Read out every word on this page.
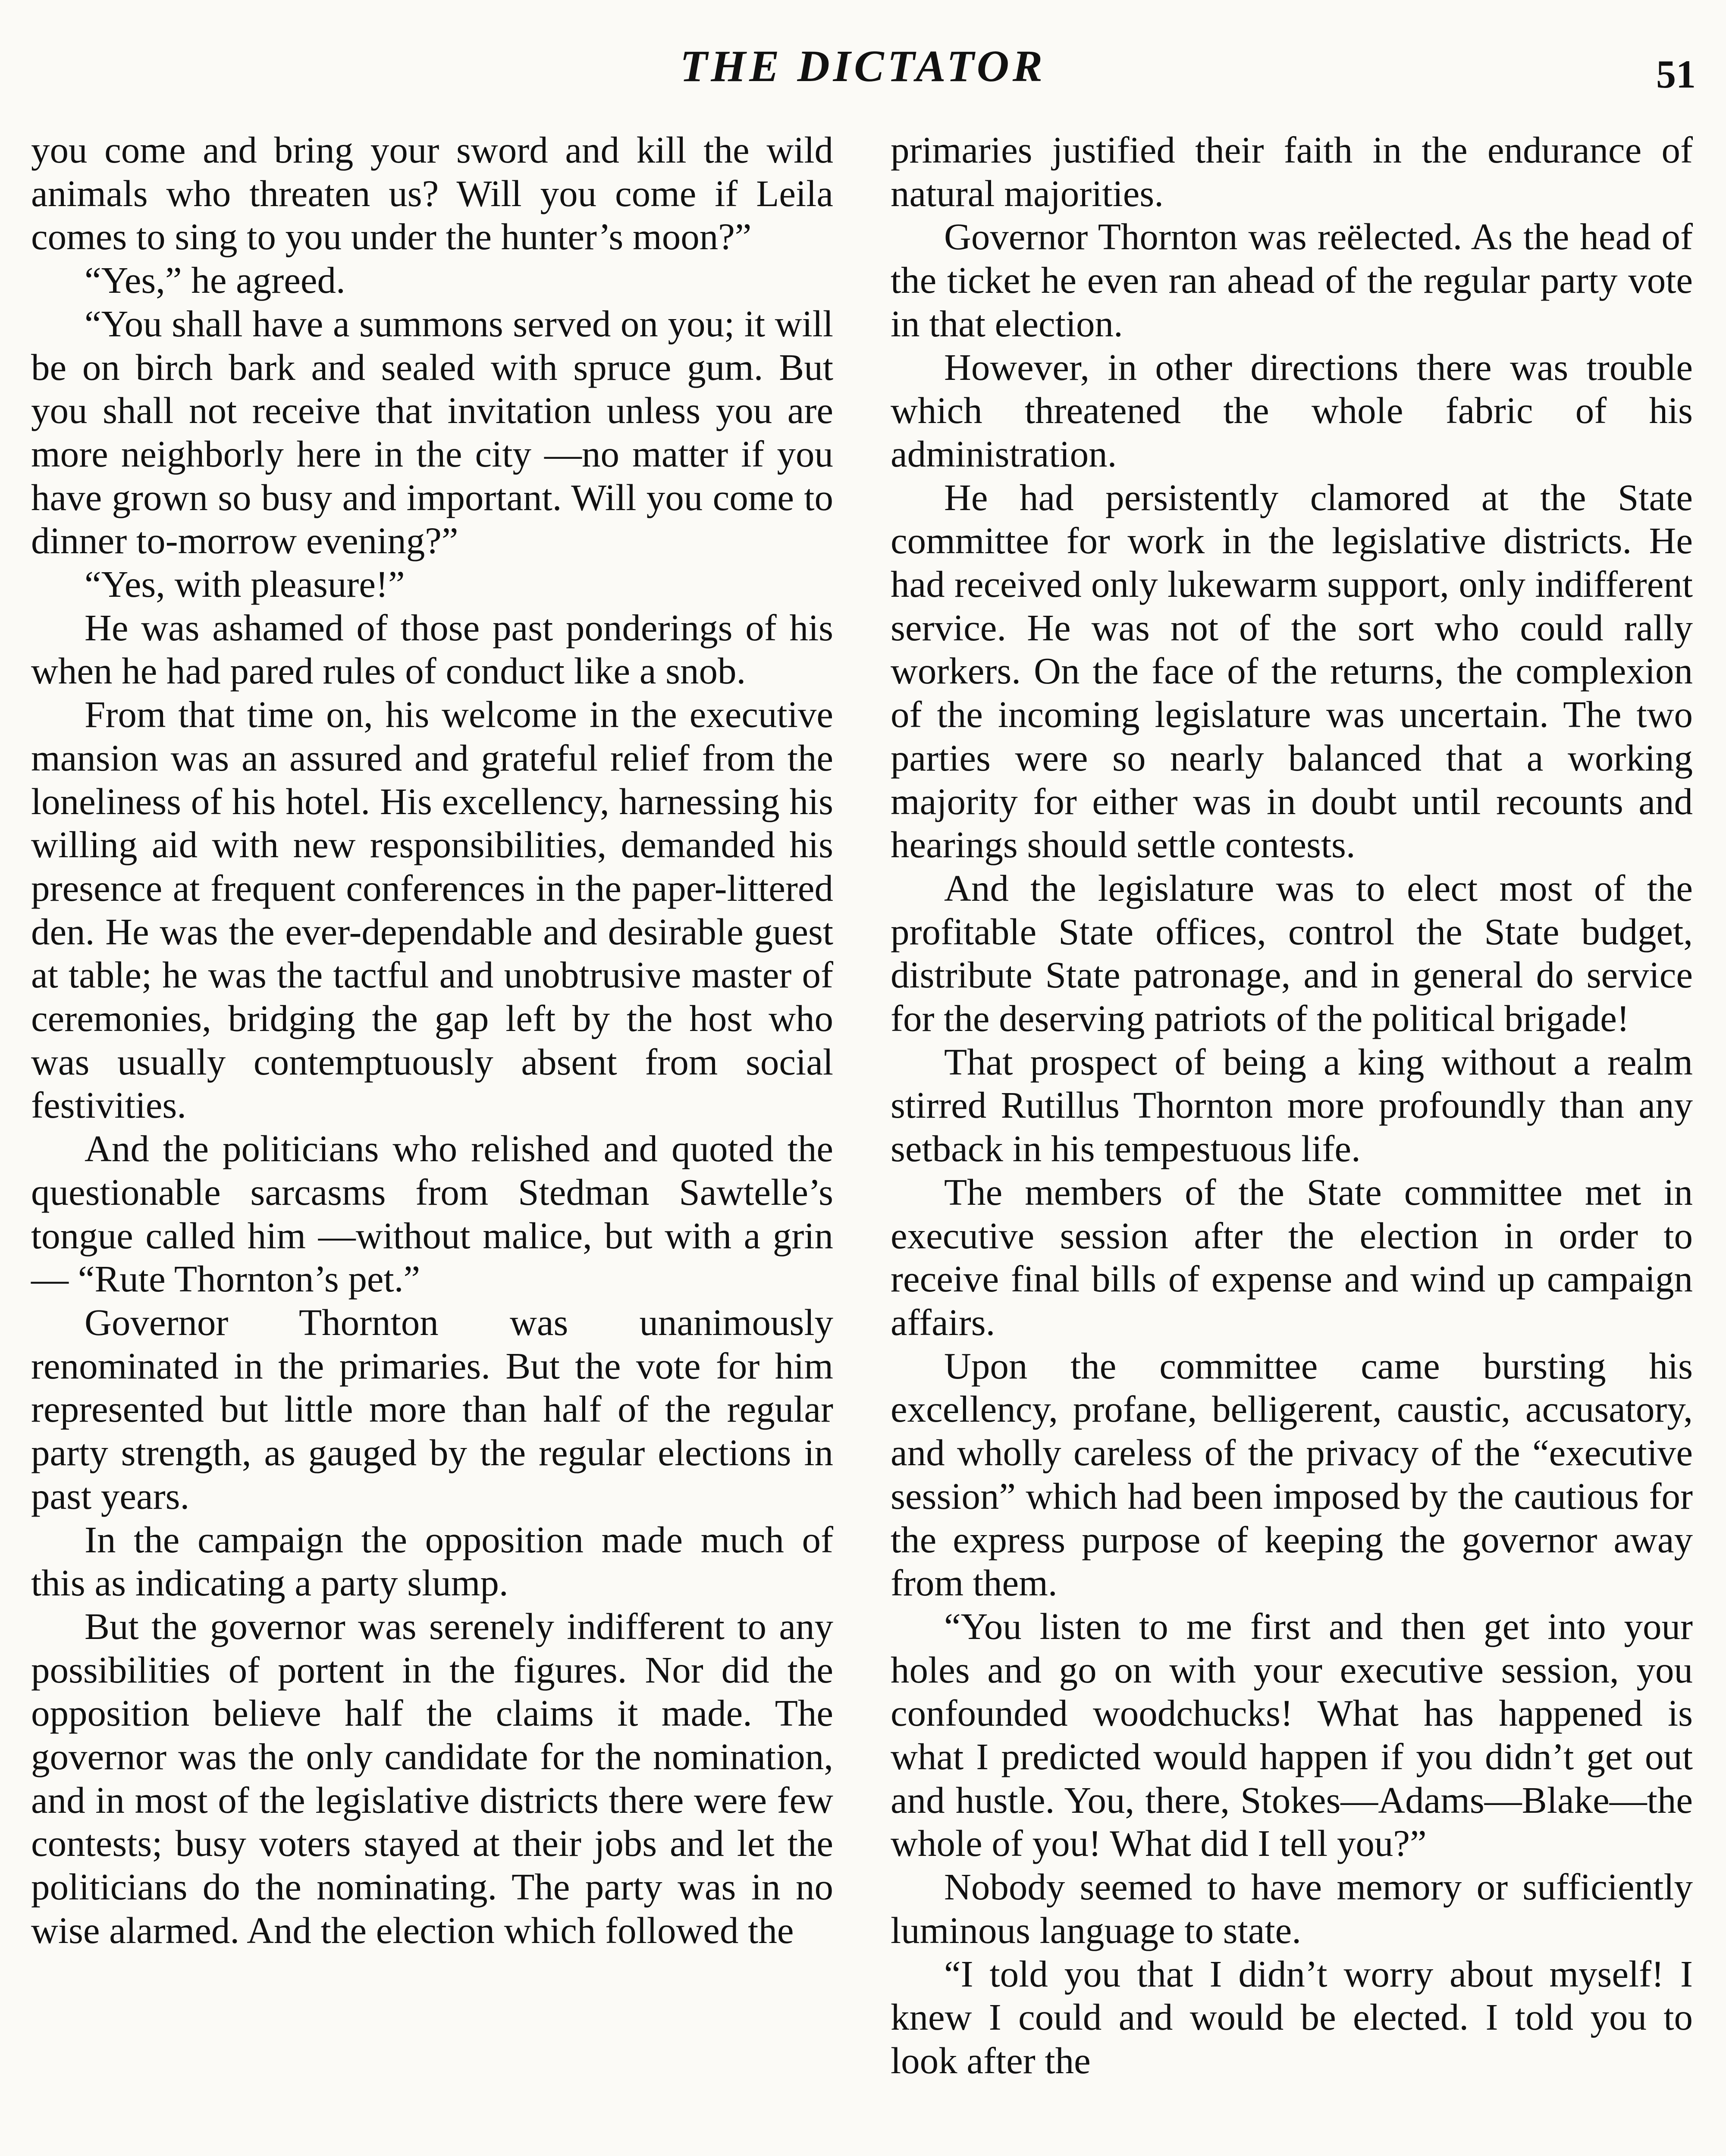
THE DICTATOR	51

you come and bring your sword and kill the wild animals who threaten us? Will you come if Leila comes to sing to you under the hunter’s moon?”

“Yes,” he agreed.

“You shall have a summons served on you; it will be on birch bark and sealed with spruce gum. But you shall not receive that invitation unless you are more neighborly here in the city —no matter if you have grown so busy and important. Will you come to dinner to-morrow evening?”

“Yes, with pleasure!”

He was ashamed of those past ponderings of his when he had pared rules of conduct like a snob.

From that time on, his welcome in the executive mansion was an assured and grateful relief from the loneliness of his hotel. His excellency, harnessing his willing aid with new responsibilities, demanded his presence at frequent conferences in the paper-littered den. He was the ever-dependable and desirable guest at table; he was the tactful and unobtrusive master of ceremonies, bridging the gap left by the host who was usually contemptuously absent from social festivities.

And the politicians who relished and quoted the questionable sarcasms from Stedman Sawtelle’s tongue called him —without malice, but with a grin— “Rute Thornton’s pet.”

Governor Thornton was unanimously renominated in the primaries. But the vote for him represented but little more than half of the regular party strength, as gauged by the regular elections in past years.

In the campaign the opposition made much of this as indicating a party slump.

But the governor was serenely indifferent to any possibilities of portent in the figures. Nor did the opposition believe half the claims it made. The governor was the only candidate for the nomination, and in most of the legislative districts there were few contests; busy voters stayed at their jobs and let the politicians do the nominating. The party was in no wise alarmed. And the election which followed the

primaries justified their faith in the endurance of natural majorities.

Governor Thornton was reëlected. As the head of the ticket he even ran ahead of the regular party vote in that election.

However, in other directions there was trouble which threatened the whole fabric of his administration.

He had persistently clamored at the State committee for work in the legislative districts. He had received only lukewarm support, only indifferent service. He was not of the sort who could rally workers. On the face of the returns, the complexion of the incoming legislature was uncertain. The two parties were so nearly balanced that a working majority for either was in doubt until recounts and hearings should settle contests.

And the legislature was to elect most of the profitable State offices, control the State budget, distribute State patronage, and in general do service for the deserving patriots of the political brigade!

That prospect of being a king without a realm stirred Rutillus Thornton more profoundly than any setback in his tempestuous life.

The members of the State committee met in executive session after the election in order to receive final bills of expense and wind up campaign affairs.

Upon the committee came bursting his excellency, profane, belligerent, caustic, accusatory, and wholly careless of the privacy of the “executive session” which had been imposed by the cautious for the express purpose of keeping the governor away from them.

“You listen to me first and then get into your holes and go on with your executive session, you confounded woodchucks! What has happened is what I predicted would happen if you didn’t get out and hustle. You, there, Stokes—Adams—Blake—the whole of you! What did I tell you?”

Nobody seemed to have memory or sufficiently luminous language to state.

“I told you that I didn’t worry about myself! I knew I could and would be elected. I told you to look after the
